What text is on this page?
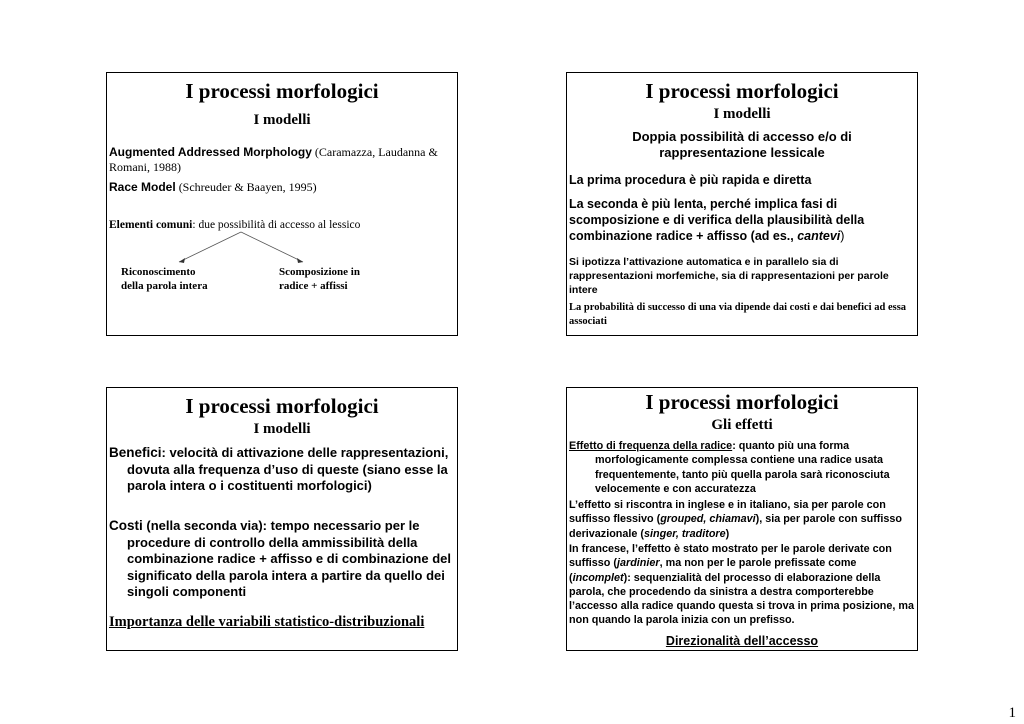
I processi morfologici
I modelli
Augmented Addressed Morphology (Caramazza, Laudanna & Romani, 1988)
Race Model (Schreuder & Baayen, 1995)
Elementi comuni: due possibilità di accesso al lessico
Riconoscimento
della parola intera
Scomposizione in
radice + affissi
I processi morfologici
I modelli
Doppia possibilità di accesso e/o di
rappresentazione lessicale
La prima procedura è più rapida e diretta
La seconda è più lenta, perché implica fasi di scomposizione e di verifica della plausibilità della combinazione radice + affisso (ad es., cantevi)
Si ipotizza l’attivazione automatica e in parallelo sia di rappresentazioni morfemiche, sia di rappresentazioni per parole intere
La probabilità di successo di una via dipende dai costi e dai benefici ad essa associati
I processi morfologici
I modelli
Benefici: velocità di attivazione delle rappresentazioni, dovuta alla frequenza d’uso di queste (siano esse la parola intera o i costituenti morfologici)
Costi (nella seconda via): tempo necessario per le procedure di controllo della ammissibilità della combinazione radice + affisso e di combinazione del significato della parola intera a partire da quello dei singoli componenti
Importanza delle variabili statistico-distribuzionali
I processi morfologici
Gli effetti
Effetto di frequenza della radice: quanto più una forma morfologicamente complessa contiene una radice usata frequentemente, tanto più quella parola sarà riconosciuta velocemente e con accuratezza
L’effetto si riscontra in inglese e in italiano, sia per parole con suffisso flessivo (grouped, chiamavi), sia per parole con suffisso derivazionale (singer, traditore)
In francese, l’effetto è stato mostrato per le parole derivate con suffisso (jardinier, ma non per le parole prefissate come (incomplet): sequenzialità del processo di elaborazione della parola, che procedendo da sinistra a destra comporterebbe l’accesso alla radice quando questa si trova in prima posizione, ma non quando la parola inizia con un prefisso.
Direzionalità dell’accesso
1
